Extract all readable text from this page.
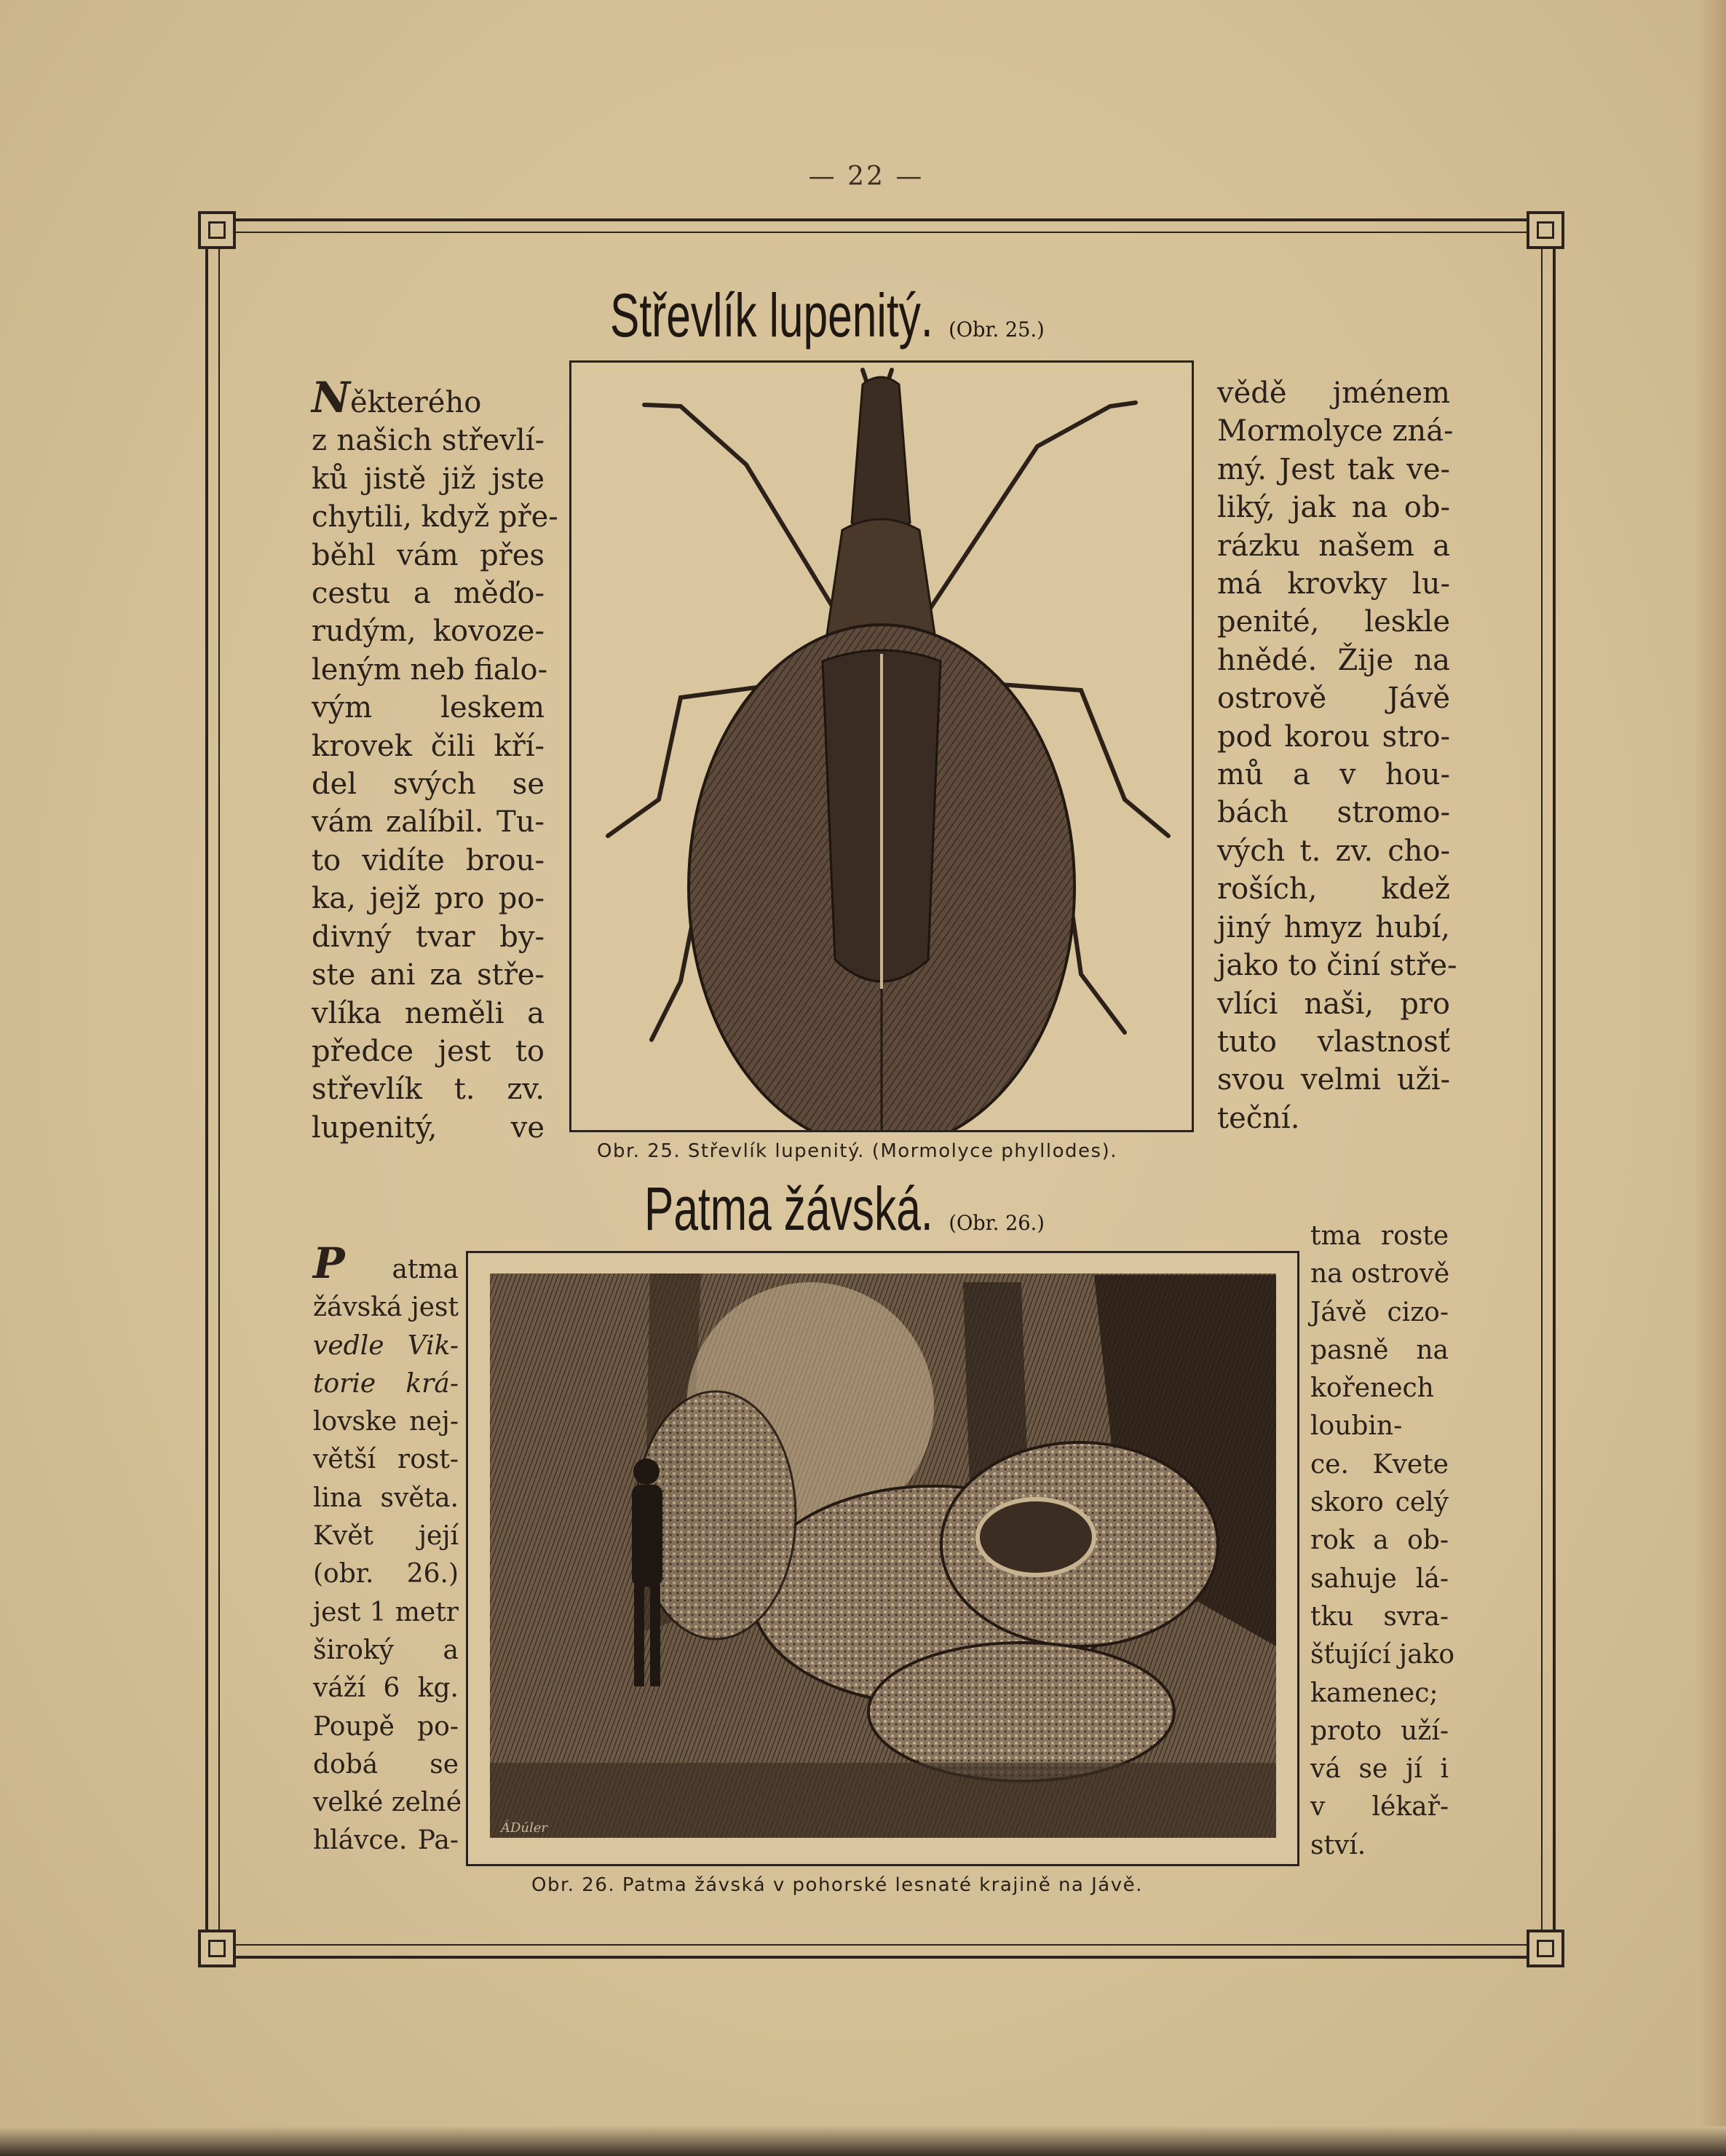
— 22 —
Střevlík lupenitý. (Obr. 25.)
Některého
z našich střevlí-
ků jistě již jste
chytili, když pře-
běhl vám přes
cestu a měďo-
rudým, kovoze-
leným neb fialo-
vým leskem
krovek čili kří-
del svých se
vám zalíbil. Tu-
to vidíte brou-
ka, jejž pro po-
divný tvar by-
ste ani za stře-
vlíka neměli a
předce jest to
střevlík t. zv.
lupenitý, ve
Obr. 25. Střevlík lupenitý. (Mormolyce phyllodes).
vědě jménem
Mormolyce zná-
mý. Jest tak ve-
liký, jak na ob-
rázku našem a
má krovky lu-
penité, leskle
hnědé. Žije na
ostrově Jávě
pod korou stro-
mů a v hou-
bách stromo-
vých t. zv. cho-
roších, kdež
jiný hmyz hubí,
jako to činí stře-
vlíci naši, pro
tuto vlastnosť
svou velmi uži-
teční.
Patma žávská. (Obr. 26.)
P atma
žávská jest
vedle Vik-
torie krá-
lovske nej-
větší rost-
lina světa.
Květ její
(obr. 26.)
jest 1 metr
široký a
váží 6 kg.
Poupě po-
dobá se
velké zelné
hlávce. Pa-	ÁDúler
Obr. 26. Patma žávská v pohorské lesnaté krajině na Jávě.
tma roste
na ostrově
Jávě cizo-
pasně na
kořenech
loubin-
ce. Kvete
skoro celý
rok a ob-
sahuje lá-
tku svra-
šťující jako
kamenec;
proto uží-
vá se jí i
v lékař-
ství.
